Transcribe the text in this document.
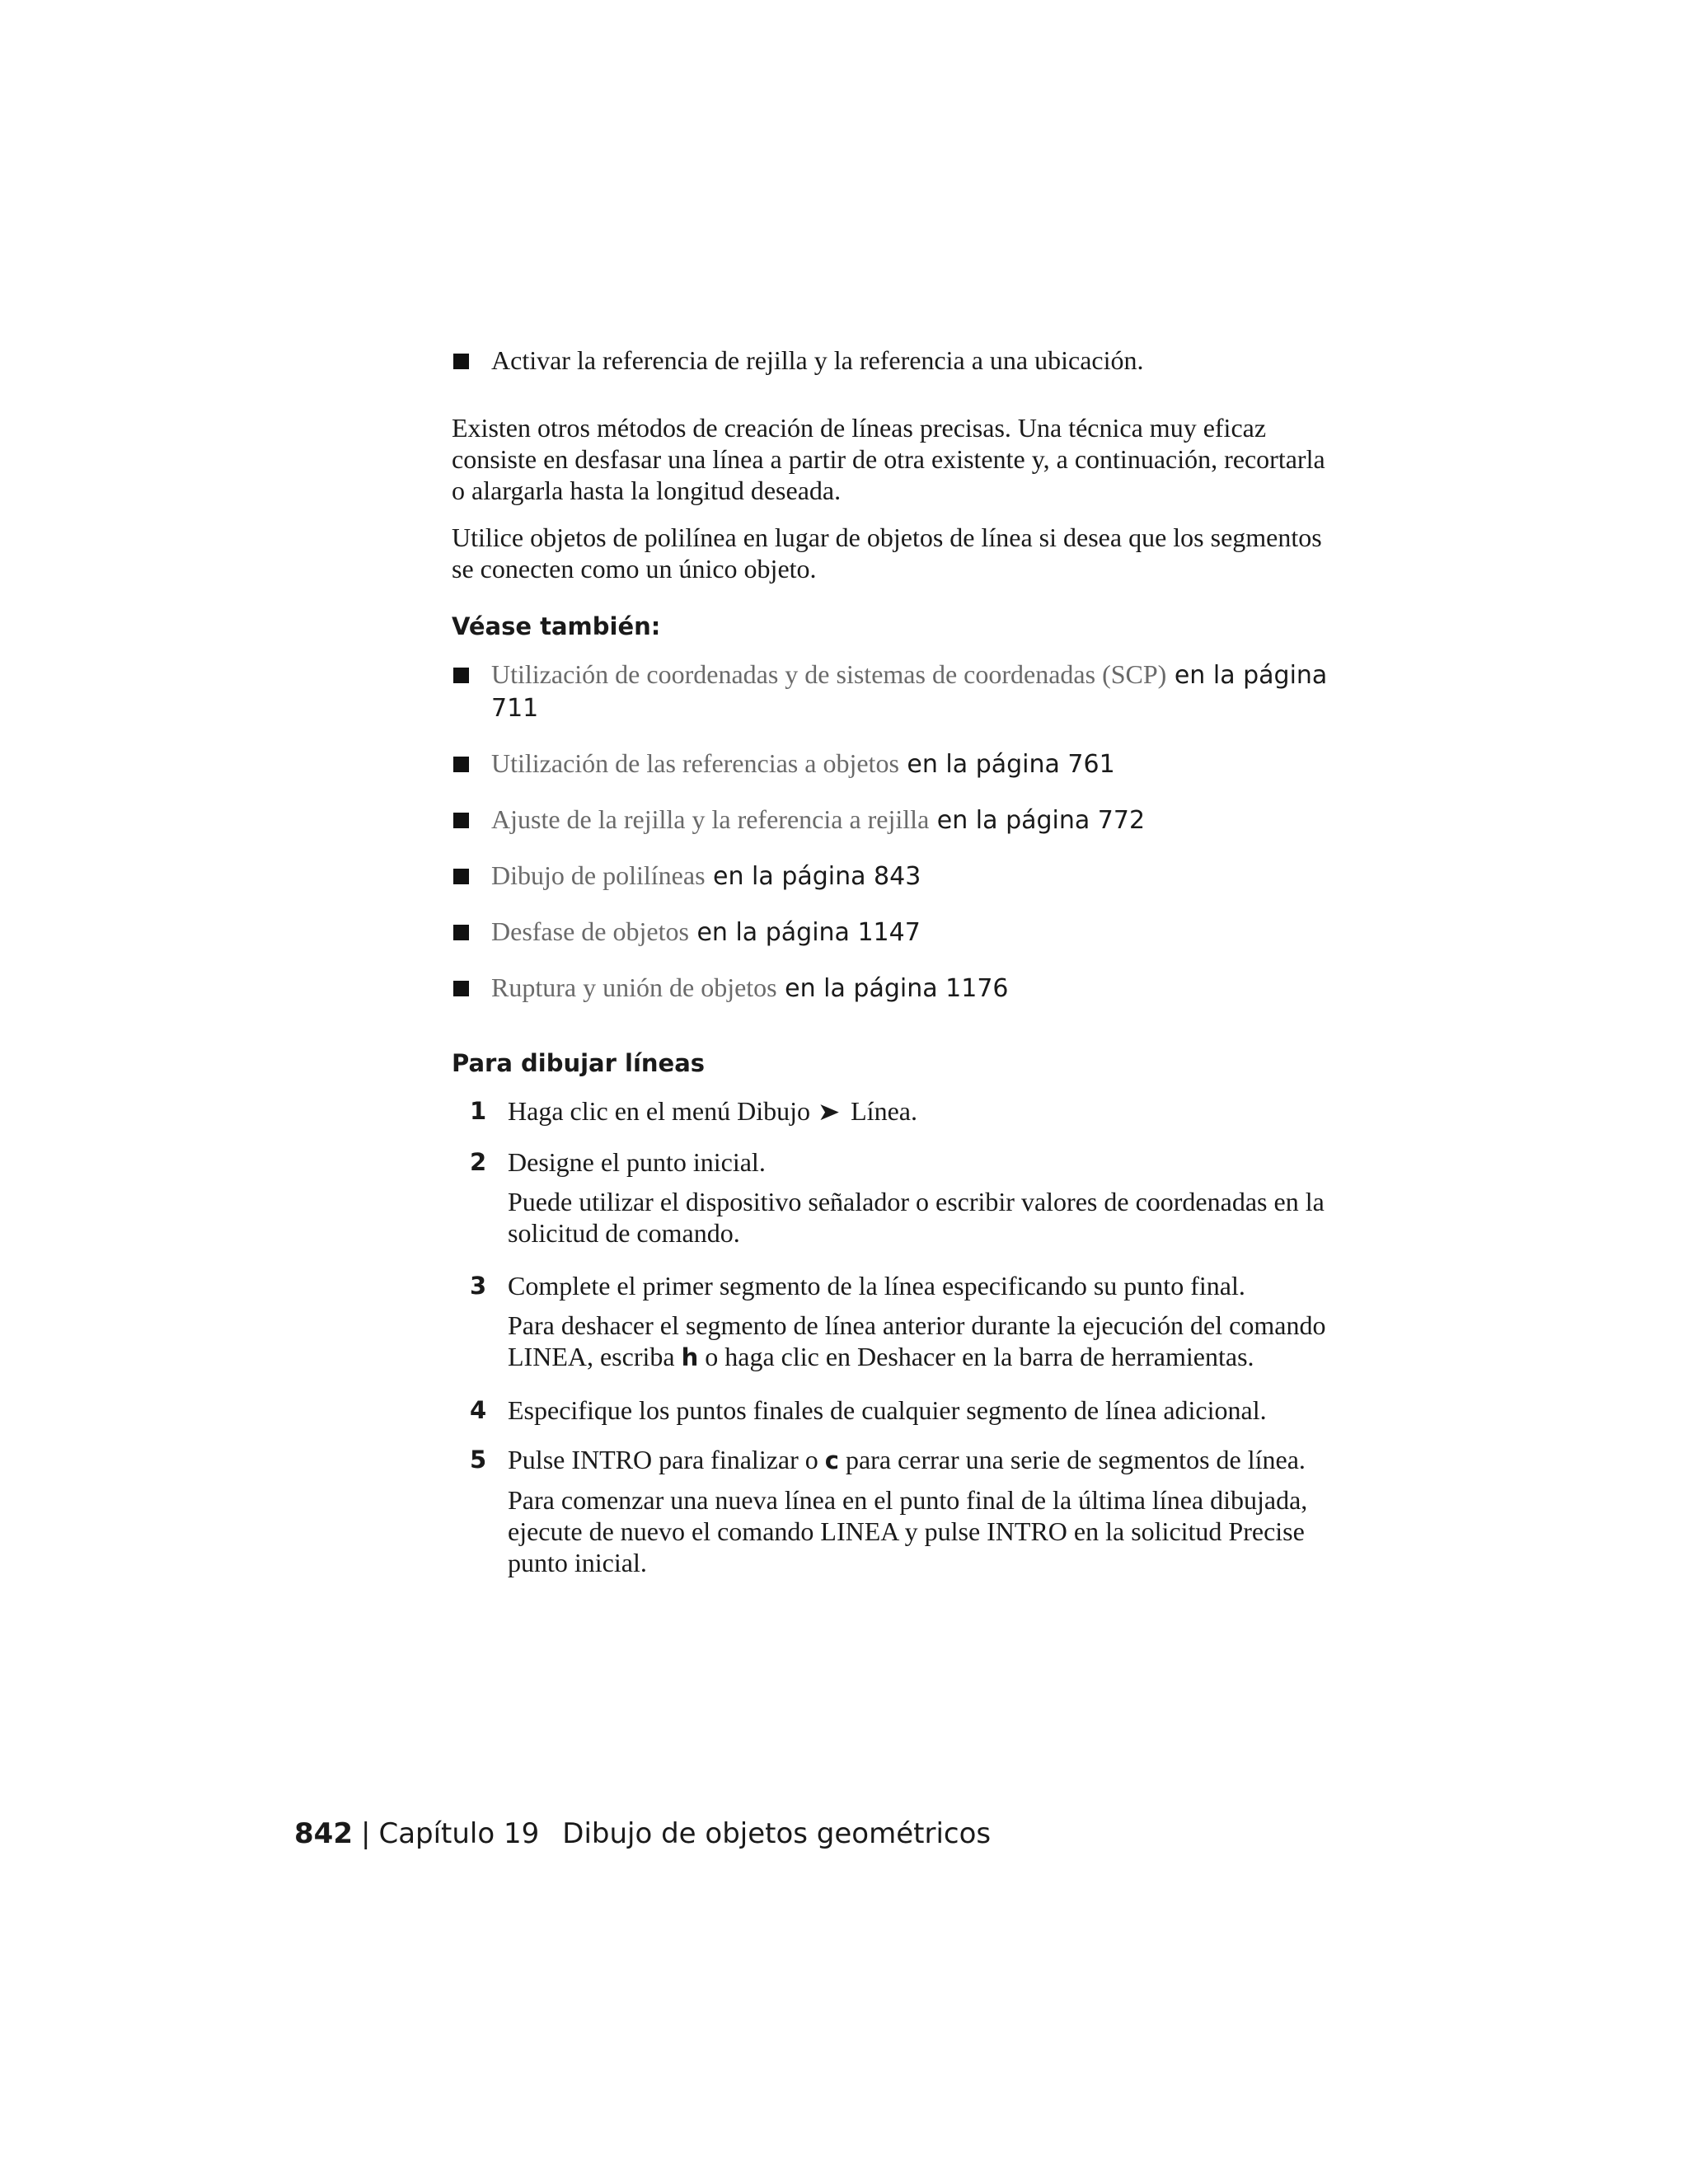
Activar la referencia de rejilla y la referencia a una ubicación.

Existen otros métodos de creación de líneas precisas. Una técnica muy eficaz consiste en desfasar una línea a partir de otra existente y, a continuación, recortarla o alargarla hasta la longitud deseada.

Utilice objetos de polilínea en lugar de objetos de línea si desea que los segmentos se conecten como un único objeto.

Véase también:
Utilización de coordenadas y de sistemas de coordenadas (SCP) en la página 711
Utilización de las referencias a objetos en la página 761
Ajuste de la rejilla y la referencia a rejilla en la página 772
Dibujo de polilíneas en la página 843
Desfase de objetos en la página 1147
Ruptura y unión de objetos en la página 1176
Para dibujar líneas
1 Haga clic en el menú Dibujo ➤ Línea.
2 Designe el punto inicial.
Puede utilizar el dispositivo señalador o escribir valores de coordenadas en la solicitud de comando.
3 Complete el primer segmento de la línea especificando su punto final.
Para deshacer el segmento de línea anterior durante la ejecución del comando LINEA, escriba h o haga clic en Deshacer en la barra de herramientas.
4 Especifique los puntos finales de cualquier segmento de línea adicional.
5 Pulse INTRO para finalizar o c para cerrar una serie de segmentos de línea.
Para comenzar una nueva línea en el punto final de la última línea dibujada, ejecute de nuevo el comando LINEA y pulse INTRO en la solicitud Precise punto inicial.
842 | Capítulo 19 Dibujo de objetos geométricos
